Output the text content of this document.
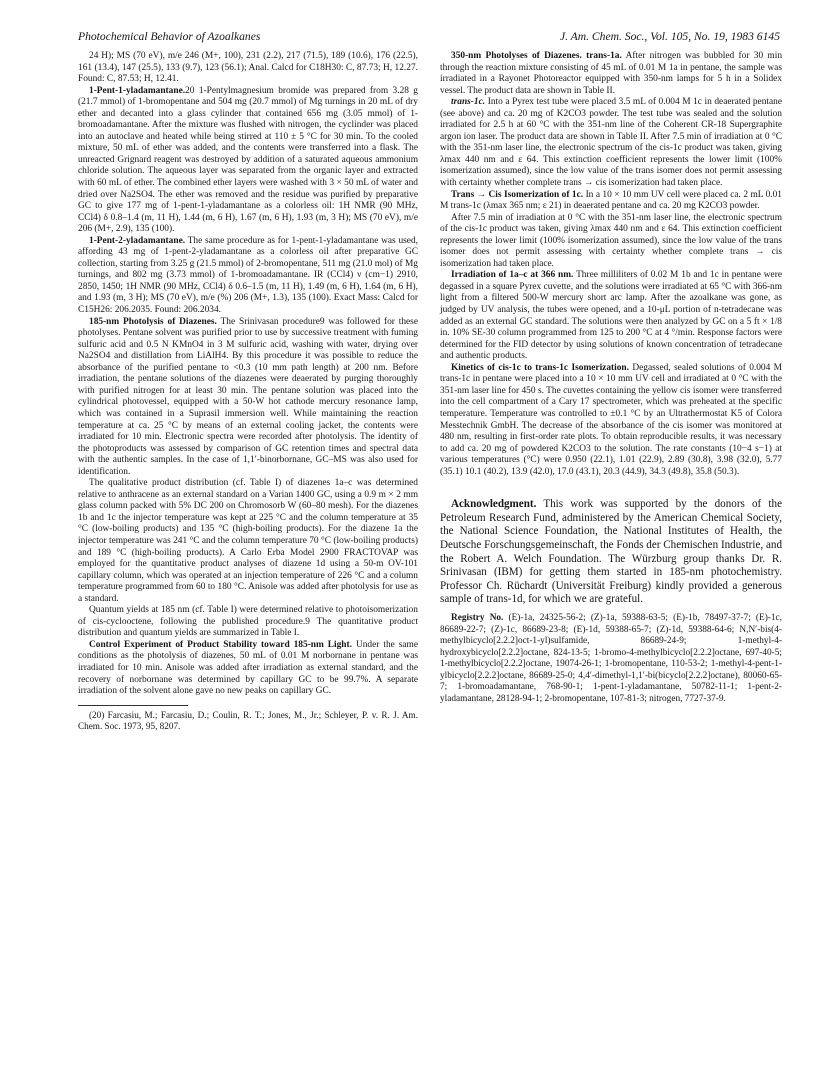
Photochemical Behavior of Azoalkanes	J. Am. Chem. Soc., Vol. 105, No. 19, 1983 6145

24 H); MS (70 eV), m/e 246 (M+, 100), 231 (2.2), 217 (71.5), 189 (10.6), 176 (22.5), 161 (13.4), 147 (25.5), 133 (9.7), 123 (56.1); Anal. Calcd for C18H30: C, 87.73; H, 12.27. Found: C, 87.53; H, 12.41.

1-Pent-1-yladamantane.20 1-Pentylmagnesium bromide was prepared from 3.28 g (21.7 mmol) of 1-bromopentane and 504 mg (20.7 mmol) of Mg turnings in 20 mL of dry ether and decanted into a glass cylinder that contained 656 mg (3.05 mmol) of 1-bromoadamantane. After the mixture was flushed with nitrogen, the cyclinder was placed into an autoclave and heated while being stirred at 110 ± 5 °C for 30 min. To the cooled mixture, 50 mL of ether was added, and the contents were transferred into a flask. The unreacted Grignard reagent was destroyed by addition of a saturated aqueous ammonium chloride solution. The aqueous layer was separated from the organic layer and extracted with 60 mL of ether. The combined ether layers were washed with 3 × 50 mL of water and dried over Na2SO4. The ether was removed and the residue was purified by preparative GC to give 177 mg of 1-pent-1-yladamantane as a colorless oil: 1H NMR (90 MHz, CCl4) δ 0.8–1.4 (m, 11 H), 1.44 (m, 6 H), 1.67 (m, 6 H), 1.93 (m, 3 H); MS (70 eV), m/e 206 (M+, 2.9), 135 (100).

1-Pent-2-yladamantane. The same procedure as for 1-pent-1-yladamantane was used, affording 43 mg of 1-pent-2-yladamantane as a colorless oil after preparative GC collection, starting from 3.25 g (21.5 mmol) of 2-bromopentane, 511 mg (21.0 mol) of Mg turnings, and 802 mg (3.73 mmol) of 1-bromoadamantane. IR (CCl4) ν (cm−1) 2910, 2850, 1450; 1H NMR (90 MHz, CCl4) δ 0.6–1.5 (m, 11 H), 1.49 (m, 6 H), 1.64 (m, 6 H), and 1.93 (m, 3 H); MS (70 eV), m/e (%) 206 (M+, 1.3), 135 (100). Exact Mass: Calcd for C15H26: 206.2035. Found: 206.2034.

185-nm Photolysis of Diazenes. The Srinivasan procedure9 was followed for these photolyses. Pentane solvent was purified prior to use by successive treatment with fuming sulfuric acid and 0.5 N KMnO4 in 3 M sulfuric acid, washing with water, drying over Na2SO4 and distillation from LiAlH4. By this procedure it was possible to reduce the absorbance of the purified pentane to <0.3 (10 mm path length) at 200 nm. Before irradiation, the pentane solutions of the diazenes were deaerated by purging thoroughly with purified nitrogen for at least 30 min. The pentane solution was placed into the cylindrical photovessel, equipped with a 50-W hot cathode mercury resonance lamp, which was contained in a Suprasil immersion well. While maintaining the reaction temperature at ca. 25 °C by means of an external cooling jacket, the contents were irradiated for 10 min. Electronic spectra were recorded after photolysis. The identity of the photoproducts was assessed by comparison of GC retention times and spectral data with the authentic samples. In the case of 1,1′-binorbornane, GC–MS was also used for identification.

The qualitative product distribution (cf. Table I) of diazenes 1a–c was determined relative to anthracene as an external standard on a Varian 1400 GC, using a 0.9 m × 2 mm glass column packed with 5% DC 200 on Chromosorb W (60–80 mesh). For the diazenes 1b and 1c the injector temperature was kept at 225 °C and the column temperature at 35 °C (low-boiling products) and 135 °C (high-boiling products). For the diazene 1a the injector temperature was 241 °C and the column temperature 70 °C (low-boiling products) and 189 °C (high-boiling products). A Carlo Erba Model 2900 FRACTOVAP was employed for the quantitative product analyses of diazene 1d using a 50-m OV-101 capillary column, which was operated at an injection temperature of 226 °C and a column temperature programmed from 60 to 180 °C. Anisole was added after photolysis for use as a standard.

Quantum yields at 185 nm (cf. Table I) were determined relative to photoisomerization of cis-cyclooctene, following the published procedure.9 The quantitative product distribution and quantum yields are summarized in Table I.

Control Experiment of Product Stability toward 185-nm Light. Under the same conditions as the photolysis of diazenes, 50 mL of 0.01 M norbornane in pentane was irradiated for 10 min. Anisole was added after irradiation as external standard, and the recovery of norbornane was determined by capillary GC to be 99.7%. A separate irradiation of the solvent alone gave no new peaks on capillary GC.

(20) Farcasiu, M.; Farcasiu, D.; Coulin, R. T.; Jones, M., Jr.; Schleyer, P. v. R. J. Am. Chem. Soc. 1973, 95, 8207.

350-nm Photolyses of Diazenes. trans-1a. After nitrogen was bubbled for 30 min through the reaction mixture consisting of 45 mL of 0.01 M 1a in pentane, the sample was irradiated in a Rayonet Photoreactor equipped with 350-nm lamps for 5 h in a Solidex vessel. The product data are shown in Table II.

trans-1c. Into a Pyrex test tube were placed 3.5 mL of 0.004 M 1c in deaerated pentane (see above) and ca. 20 mg of K2CO3 powder. The test tube was sealed and the solution irradiated for 2.5 h at 60 °C with the 351-nm line of the Coherent CR-18 Supergraphite argon ion laser. The product data are shown in Table II. After 7.5 min of irradiation at 0 °C with the 351-nm laser line, the electronic spectrum of the cis-1c product was taken, giving λmax 440 nm and ε 64. This extinction coefficient represents the lower limit (100% isomerization assumed), since the low value of the trans isomer does not permit assessing with certainty whether complete trans → cis isomerization had taken place.

Trans → Cis Isomerization of 1c. In a 10 × 10 mm UV cell were placed ca. 2 mL 0.01 M trans-1c (λmax 365 nm; ε 21) in deaerated pentane and ca. 20 mg K2CO3 powder.

After 7.5 min of irradiation at 0 °C with the 351-nm laser line, the electronic spectrum of the cis-1c product was taken, giving λmax 440 nm and ε 64. This extinction coefficient represents the lower limit (100% isomerization assumed), since the low value of the trans isomer does not permit assessing with certainty whether complete trans → cis isomerization had taken place.

Irradiation of 1a–c at 366 nm. Three milliliters of 0.02 M 1b and 1c in pentane were degassed in a square Pyrex cuvette, and the solutions were irradiated at 65 °C with 366-nm light from a filtered 500-W mercury short arc lamp. After the azoalkane was gone, as judged by UV analysis, the tubes were opened, and a 10-μL portion of n-tetradecane was added as an external GC standard. The solutions were then analyzed by GC on a 5 ft × 1/8 in. 10% SE-30 column programmed from 125 to 200 °C at 4 °/min. Response factors were determined for the FID detector by using solutions of known concentration of tetradecane and authentic products.

Kinetics of cis-1c to trans-1c Isomerization. Degassed, sealed solutions of 0.004 M trans-1c in pentane were placed into a 10 × 10 mm UV cell and irradiated at 0 °C with the 351-nm laser line for 450 s. The cuvettes containing the yellow cis isomer were transferred into the cell compartment of a Cary 17 spectrometer, which was preheated at the specific temperature. Temperature was controlled to ±0.1 °C by an Ultrathermostat K5 of Colora Messtechnik GmbH. The decrease of the absorbance of the cis isomer was monitored at 480 nm, resulting in first-order rate plots. To obtain reproducible results, it was necessary to add ca. 20 mg of powdered K2CO3 to the solution. The rate constants (10−4 s−1) at various temperatures (°C) were 0.950 (22.1), 1.01 (22.9), 2.89 (30.8), 3.98 (32.0), 5.77 (35.1) 10.1 (40.2), 13.9 (42.0), 17.0 (43.1), 20.3 (44.9), 34.3 (49.8), 35.8 (50.3).

Acknowledgment. This work was supported by the donors of the Petroleum Research Fund, administered by the American Chemical Society, the National Science Foundation, the National Institutes of Health, the Deutsche Forschungsgemeinschaft, the Fonds der Chemischen Industrie, and the Robert A. Welch Foundation. The Würzburg group thanks Dr. R. Srinivasan (IBM) for getting them started in 185-nm photochemistry. Professor Ch. Rüchardt (Universität Freiburg) kindly provided a generous sample of trans-1d, for which we are grateful.

Registry No. (E)-1a, 24325-56-2; (Z)-1a, 59388-63-5; (E)-1b, 78497-37-7; (E)-1c, 86689-22-7; (Z)-1c, 86689-23-8; (E)-1d, 59388-65-7; (Z)-1d, 59388-64-6; N,N′-bis(4-methylbicyclo[2.2.2]oct-1-yl)sulfamide, 86689-24-9; 1-methyl-4-hydroxybicyclo[2.2.2]octane, 824-13-5; 1-bromo-4-methylbicyclo[2.2.2]octane, 697-40-5; 1-methylbicyclo[2.2.2]octane, 19074-26-1; 1-bromopentane, 110-53-2; 1-methyl-4-pent-1-ylbicyclo[2.2.2]octane, 86689-25-0; 4,4′-dimethyl-1,1′-bi(bicyclo[2.2.2]octane), 80060-65-7; 1-bromoadamantane, 768-90-1; 1-pent-1-yladamantane, 50782-11-1; 1-pent-2-yladamantane, 28128-94-1; 2-bromopentane, 107-81-3; nitrogen, 7727-37-9.
